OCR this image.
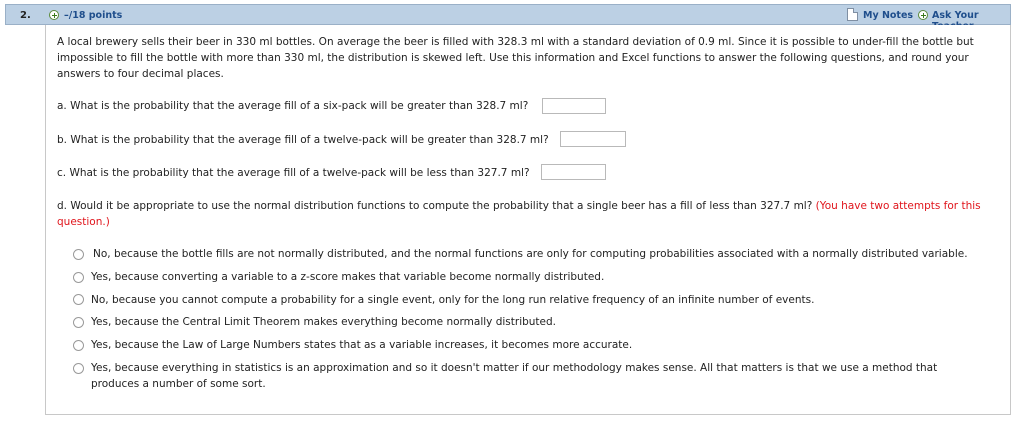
2.	–/18 points	My Notes Ask Your
A local brewery sells their beer in 330 ml bottles. On average the beer is filled with 328.3 ml with a standard deviation of 0.9 ml. Since it is possible to under-fill the bottle but
impossible to fill the bottle with more than 330 ml, the distribution is skewed left. Use this information and Excel functions to answer the following questions, and round your
answers to four decimal places.
a. What is the probability that the average fill of a six-pack will be greater than 328.7 ml?
b. What is the probability that the average fill of a twelve-pack will be greater than 328.7 ml?
c. What is the probability that the average fill of a twelve-pack will be less than 327.7 ml?
d. Would it be appropriate to use the normal distribution functions to compute the probability that a single beer has a fill of less than 327.7 ml? (You have two attempts for this
question.)
No, because the bottle fills are not normally distributed, and the normal functions are only for computing probabilities associated with a normally distributed variable.
Yes, because converting a variable to a z-score makes that variable become normally distributed.
No, because you cannot compute a probability for a single event, only for the long run relative frequency of an infinite number of events.
Yes, because the Central Limit Theorem makes everything become normally distributed.
Yes, because the Law of Large Numbers states that as a variable increases, it becomes more accurate.
Yes, because everything in statistics is an approximation and so it doesn't matter if our methodology makes sense. All that matters is that we use a method that
produces a number of some sort.
